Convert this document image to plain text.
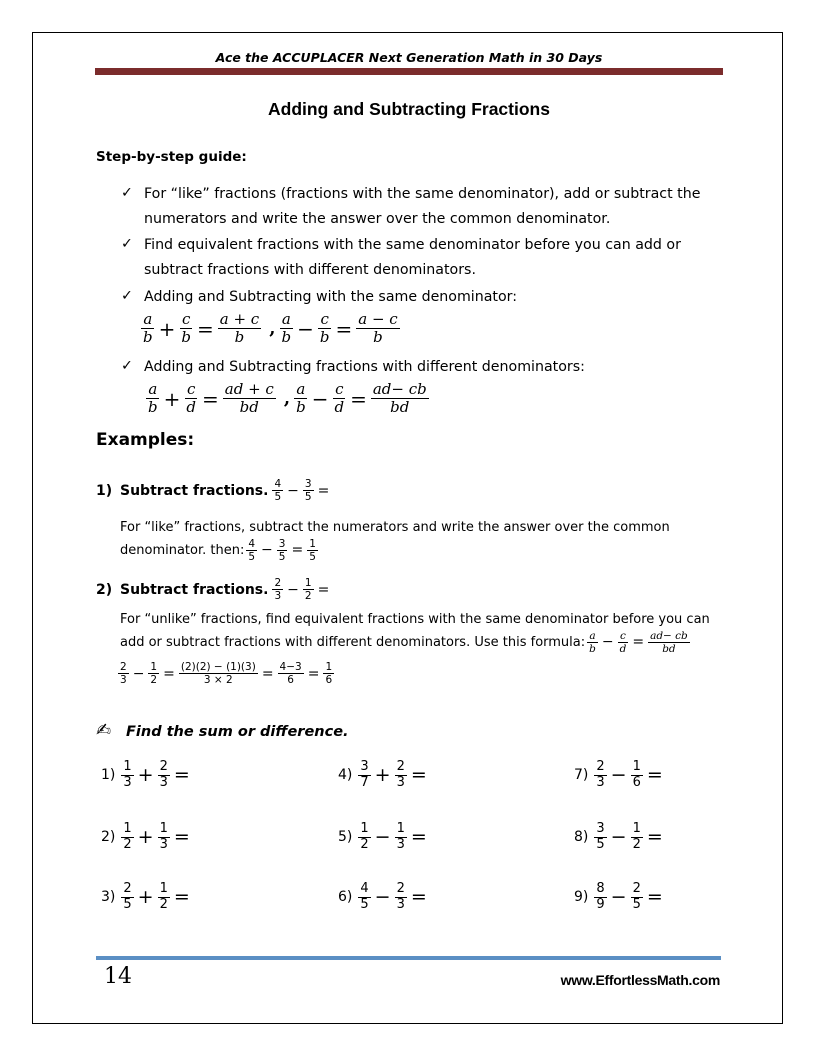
Ace the ACCUPLACER Next Generation Math in 30 Days
Adding and Subtracting Fractions
Step-by-step guide:
✓ For “like” fractions (fractions with the same denominator), add or subtract the numerators and write the answer over the common denominator.
✓ Find equivalent fractions with the same denominator before you can add or subtract fractions with different denominators.
✓ Adding and Subtracting with the same denominator:
$\frac{a}{b} + \frac{c}{b} = \frac{a + c}{b}$ , $\frac{a}{b} - \frac{c}{b} = \frac{a - c}{b}$
✓ Adding and Subtracting fractions with different denominators:
$\frac{a}{b} + \frac{c}{d} = \frac{ad + c}{bd}$ , $\frac{a}{b} - \frac{c}{d} = \frac{ad- cb}{bd}$
Examples:
1) Subtract fractions. $\frac{4}{5} - \frac{3}{5}$ =
For “like” fractions, subtract the numerators and write the answer over the common
denominator. then: $\frac{4}{5} - \frac{3}{5} = \frac{1}{5}$
2) Subtract fractions. $\frac{2}{3} - \frac{1}{2}$ =
For “unlike” fractions, find equivalent fractions with the same denominator before you can
add or subtract fractions with different denominators. Use this formula: $\frac{a}{b} - \frac{c}{d} = \frac{ad- cb}{bd}$
$\frac{2}{3} - \frac{1}{2} = \frac{(2)(2) - (1)(3)}{3 \times 2} = \frac{4-3}{6} = \frac{1}{6}$
✍ Find the sum or difference.
$1) \frac{1}{3} + \frac{2}{3}$ =	$4) \frac{3}{7} + \frac{2}{3}$ =	$7) \frac{2}{3} - \frac{1}{6}$ =
$2) \frac{1}{2} + \frac{1}{3}$ =	$5) \frac{1}{2} - \frac{1}{3}$ =	$8) \frac{3}{5} - \frac{1}{2}$ =
$3) \frac{2}{5} + \frac{1}{2}$ =	$6) \frac{4}{5} - \frac{2}{3}$ =	$9) \frac{8}{9} - \frac{2}{5}$ =
14	www.EffortlessMath.com
